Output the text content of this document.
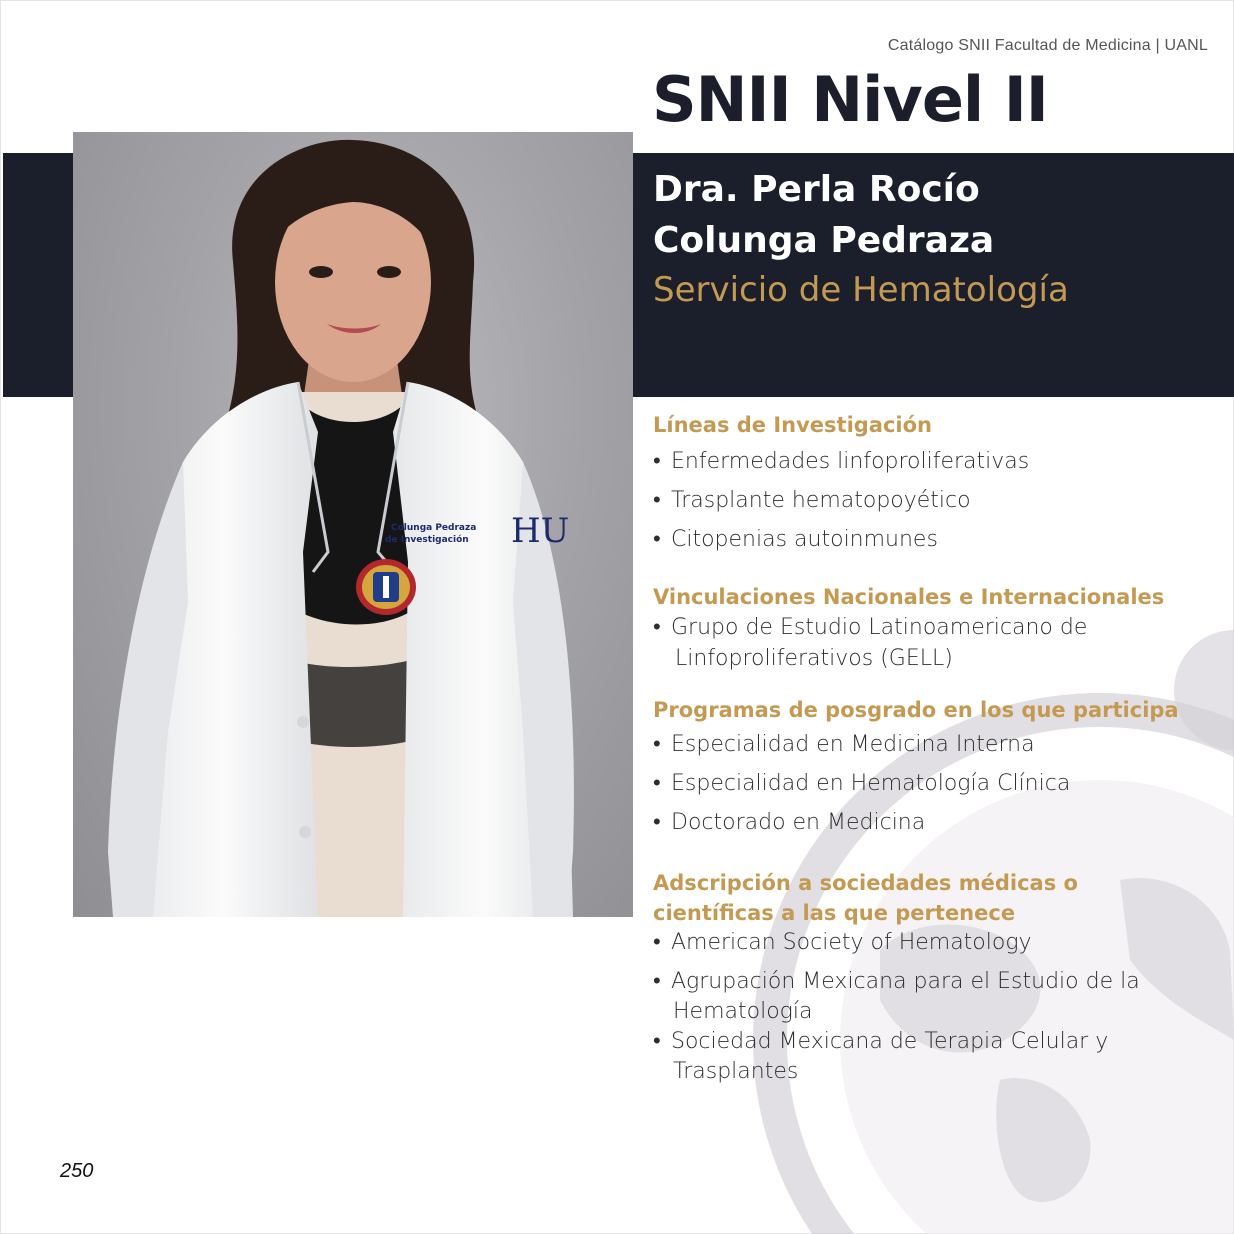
Catálogo SNII Facultad de Medicina | UANL
SNII Nivel II
Dra. Perla Rocío
Colunga Pedraza
Servicio de Hematología
Colunga Pedraza
de Investigación HU
Líneas de Investigación
• Enfermedades linfoproliferativas
• Trasplante hematopoyético
• Citopenias autoinmunes
Vinculaciones Nacionales e Internacionales
• Grupo de Estudio Latinoamericano de
Linfoproliferativos (GELL)
Programas de posgrado en los que participa
• Especialidad en Medicina Interna
• Especialidad en Hematología Clínica
• Doctorado en Medicina
Adscripción a sociedades médicas o
científicas a las que pertenece
• American Society of Hematology
• Agrupación Mexicana para el Estudio de la
Hematología
• Sociedad Mexicana de Terapia Celular y
Trasplantes
250
